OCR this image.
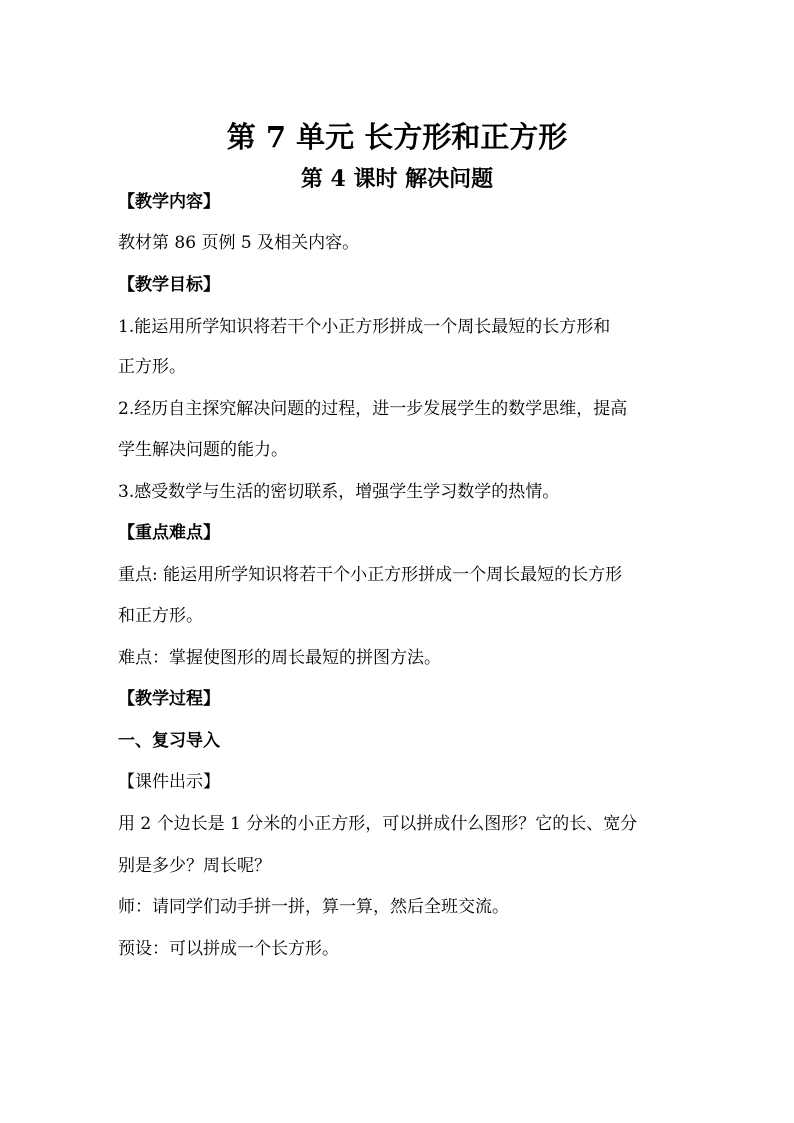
第 7 单元 长方形和正方形
第 4 课时 解决问题
【教学内容】
教材第 86 页例 5 及相关内容。
【教学目标】
1.能运用所学知识将若干个小正方形拼成一个周长最短的长方形和
正方形。
2.经历自主探究解决问题的过程，进一步发展学生的数学思维，提高
学生解决问题的能力。
3.感受数学与生活的密切联系，增强学生学习数学的热情。
【重点难点】
重点: 能运用所学知识将若干个小正方形拼成一个周长最短的长方形
和正方形。
难点：掌握使图形的周长最短的拼图方法。
【教学过程】
一、复习导入
【课件出示】
用 2 个边长是 1 分米的小正方形，可以拼成什么图形？它的长、宽分
别是多少？周长呢？
师：请同学们动手拼一拼，算一算，然后全班交流。
预设：可以拼成一个长方形。
